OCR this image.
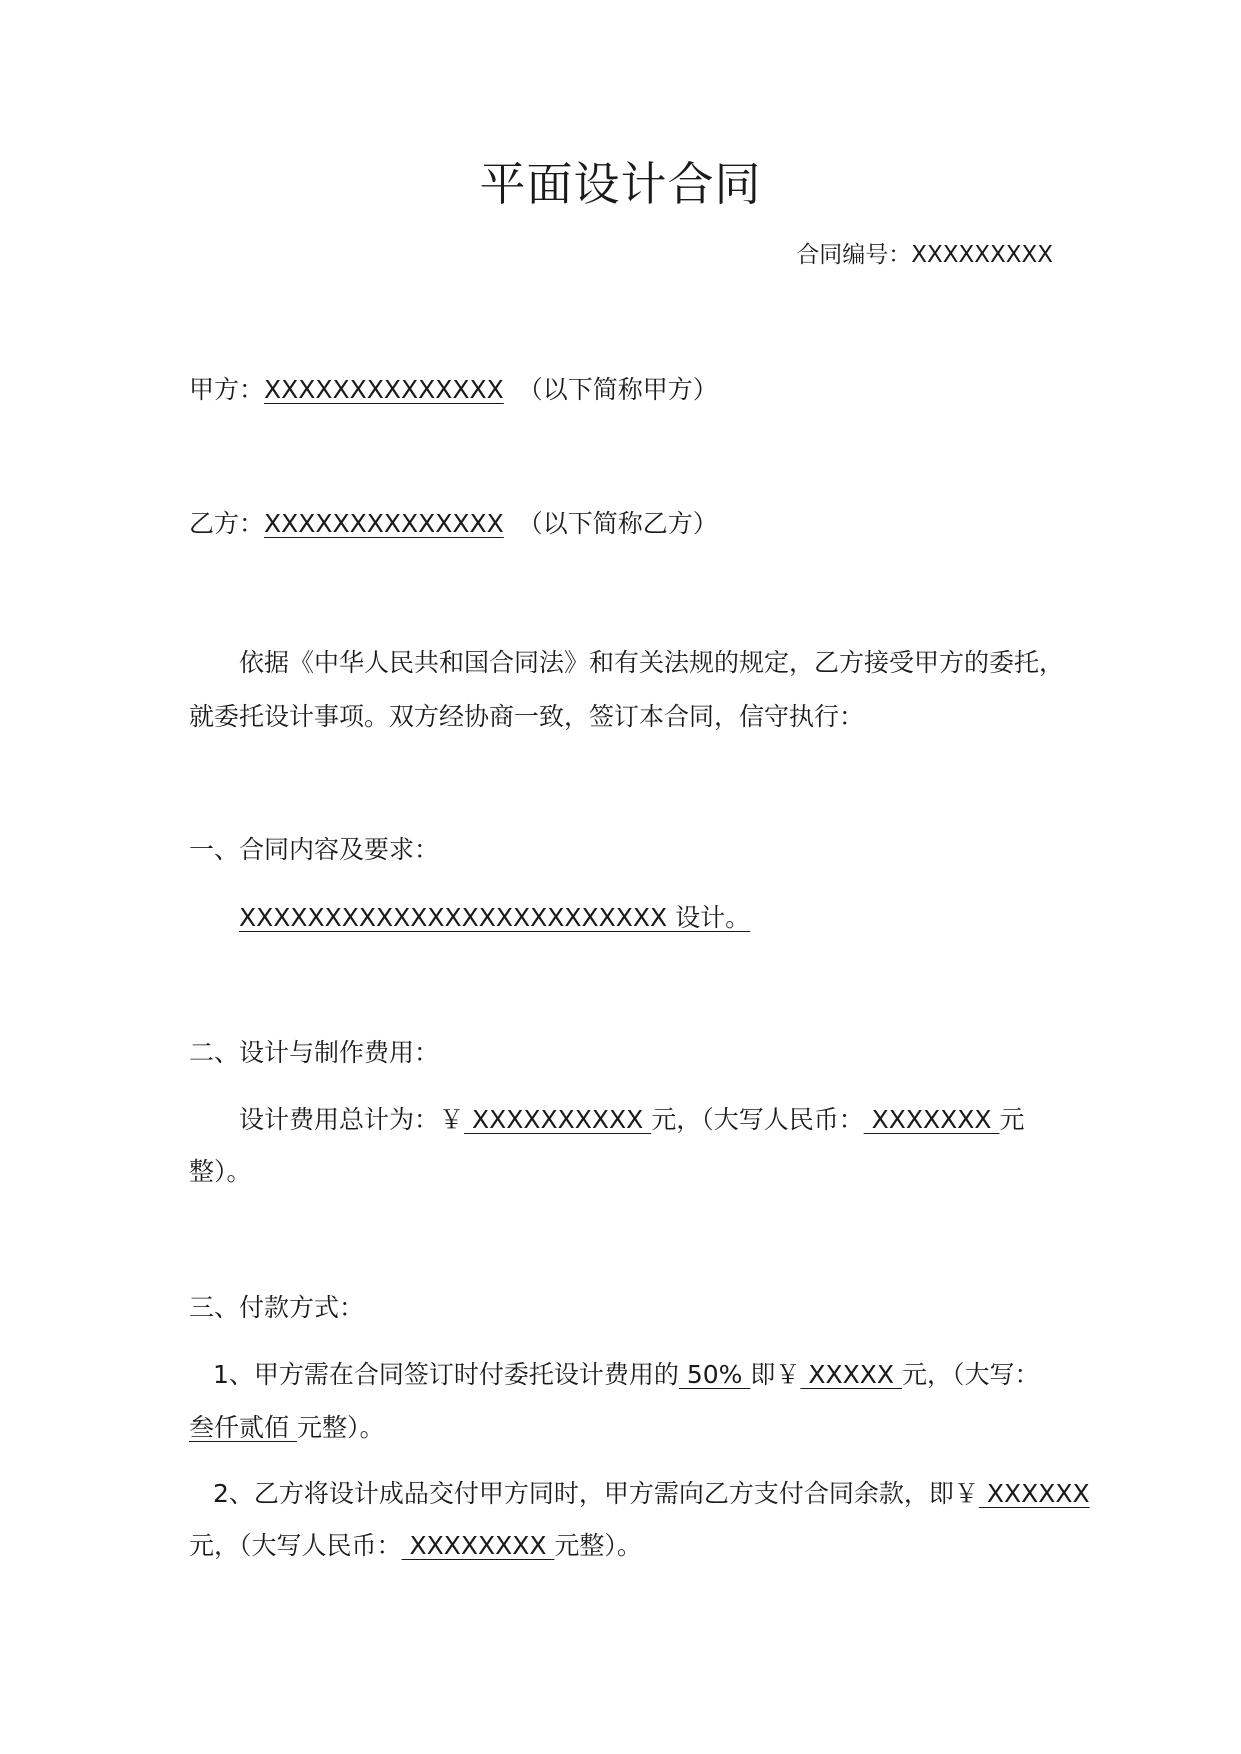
平面设计合同
合同编号：XXXXXXXXX
甲方：XXXXXXXXXXXXXX （以下简称甲方）
乙方：XXXXXXXXXXXXXX （以下简称乙方）
依据《中华人民共和国合同法》和有关法规的规定，乙方接受甲方的委托，
就委托设计事项。双方经协商一致，签订本合同，信守执行：
一、合同内容及要求：
XXXXXXXXXXXXXXXXXXXXXXXXX 设计。
二、设计与制作费用：
设计费用总计为：￥ XXXXXXXXXX 元，（大写人民币： XXXXXXX 元
整）。
三、付款方式：
1、甲方需在合同签订时付委托设计费用的 50% 即￥ XXXXX 元，（大写：
叁仟贰佰 元整）。
2、乙方将设计成品交付甲方同时，甲方需向乙方支付合同余款，即￥ XXXXXX
元，（大写人民币： XXXXXXXX 元整）。
